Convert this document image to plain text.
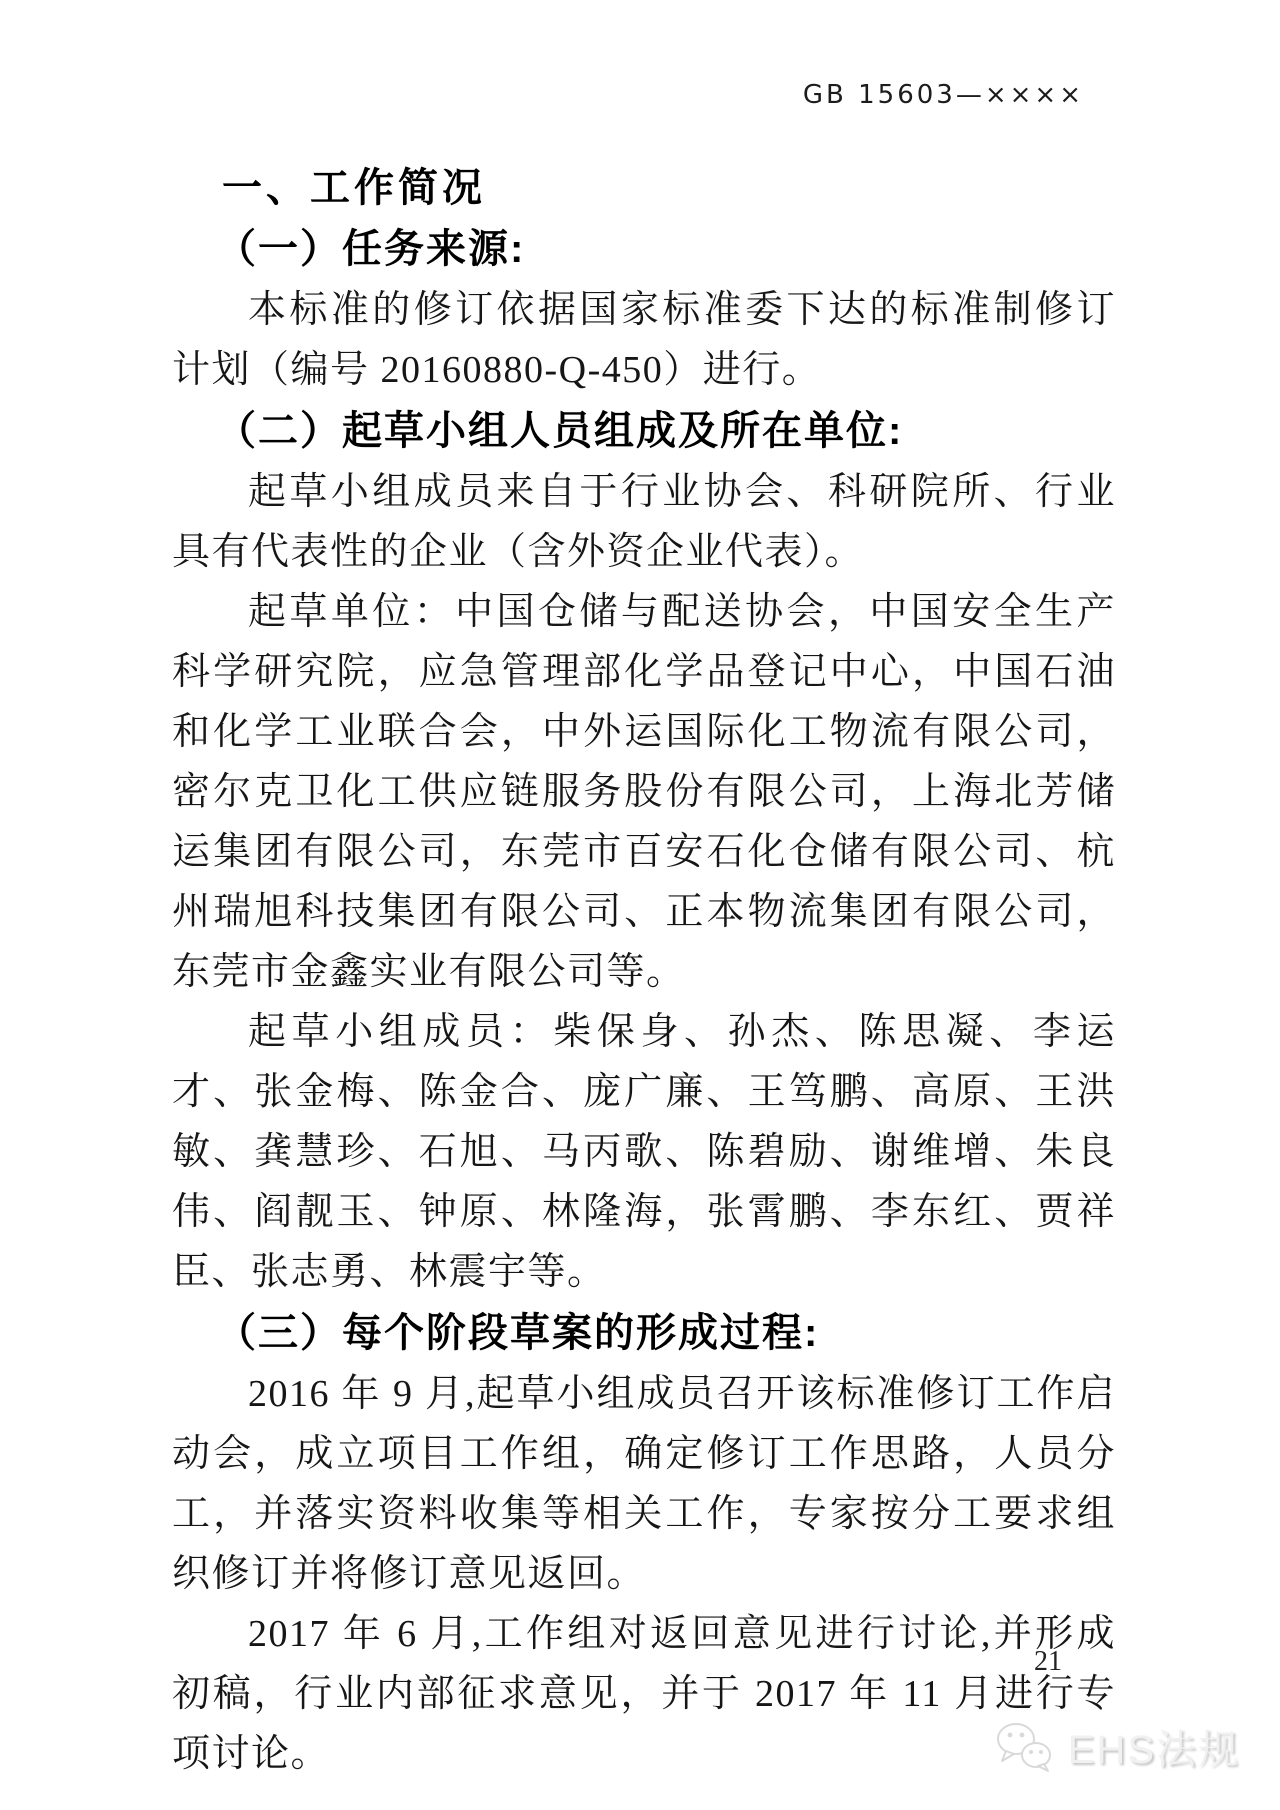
GB 15603—××××
一、工作简况
（一）任务来源:

本标准的修订依据国家标准委下达的标准制修订计划（编号 20160880-Q-450）进行。

（二）起草小组人员组成及所在单位:

起草小组成员来自于行业协会、科研院所、行业具有代表性的企业（含外资企业代表）。

起草单位：中国仓储与配送协会，中国安全生产科学研究院，应急管理部化学品登记中心，中国石油和化学工业联合会，中外运国际化工物流有限公司，密尔克卫化工供应链服务股份有限公司，上海北芳储运集团有限公司，东莞市百安石化仓储有限公司、杭州瑞旭科技集团有限公司、正本物流集团有限公司，东莞市金鑫实业有限公司等。

起草小组成员：柴保身、孙杰、陈思凝、李运才、张金梅、陈金合、庞广廉、王笃鹏、高原、王洪敏、龚慧珍、石旭、马丙歌、陈碧励、谢维增、朱良伟、阎靓玉、钟原、林隆海，张霄鹏、李东红、贾祥臣、张志勇、林震宇等。

（三）每个阶段草案的形成过程:

2016 年 9 月,起草小组成员召开该标准修订工作启动会，成立项目工作组，确定修订工作思路，人员分工，并落实资料收集等相关工作，专家按分工要求组织修订并将修订意见返回。

2017 年 6 月,工作组对返回意见进行讨论,并形成初稿，行业内部征求意见，并于 2017 年 11 月进行专项讨论。

21
EHS法规
